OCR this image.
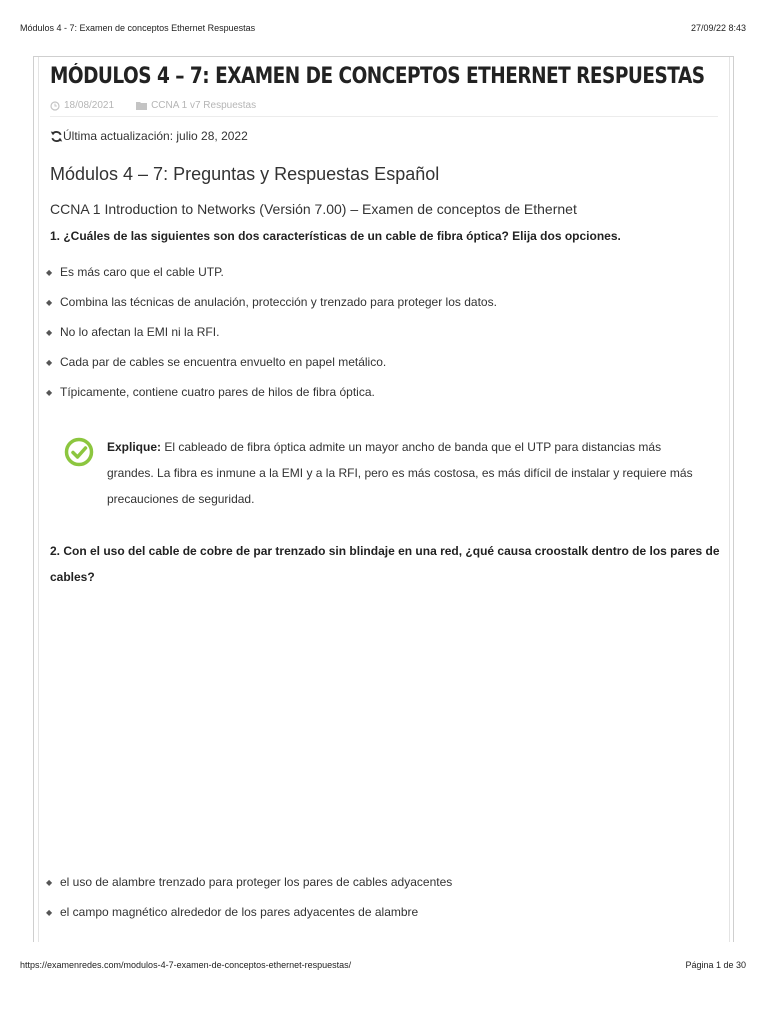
Módulos 4 - 7: Examen de conceptos Ethernet Respuestas	27/09/22 8:43
MÓDULOS 4 – 7: EXAMEN DE CONCEPTOS ETHERNET RESPUESTAS
18/08/2021	CCNA 1 v7 Respuestas
Última actualización: julio 28, 2022
Módulos 4 – 7: Preguntas y Respuestas Español
CCNA 1 Introduction to Networks (Versión 7.00) – Examen de conceptos de Ethernet
1. ¿Cuáles de las siguientes son dos características de un cable de fibra óptica? Elija dos opciones.
◆ Es más caro que el cable UTP.
◆ Combina las técnicas de anulación, protección y trenzado para proteger los datos.
◆ No lo afectan la EMI ni la RFI.
◆ Cada par de cables se encuentra envuelto en papel metálico.
◆ Típicamente, contiene cuatro pares de hilos de fibra óptica.
Explique: El cableado de fibra óptica admite un mayor ancho de banda que el UTP para distancias más grandes. La fibra es inmune a la EMI y a la RFI, pero es más costosa, es más difícil de instalar y requiere más precauciones de seguridad.
2. Con el uso del cable de cobre de par trenzado sin blindaje en una red, ¿qué causa croostalk dentro de los pares de cables?
◆ el uso de alambre trenzado para proteger los pares de cables adyacentes
◆ el campo magnético alrededor de los pares adyacentes de alambre
https://examenredes.com/modulos-4-7-examen-de-conceptos-ethernet-respuestas/	Página 1 de 30
